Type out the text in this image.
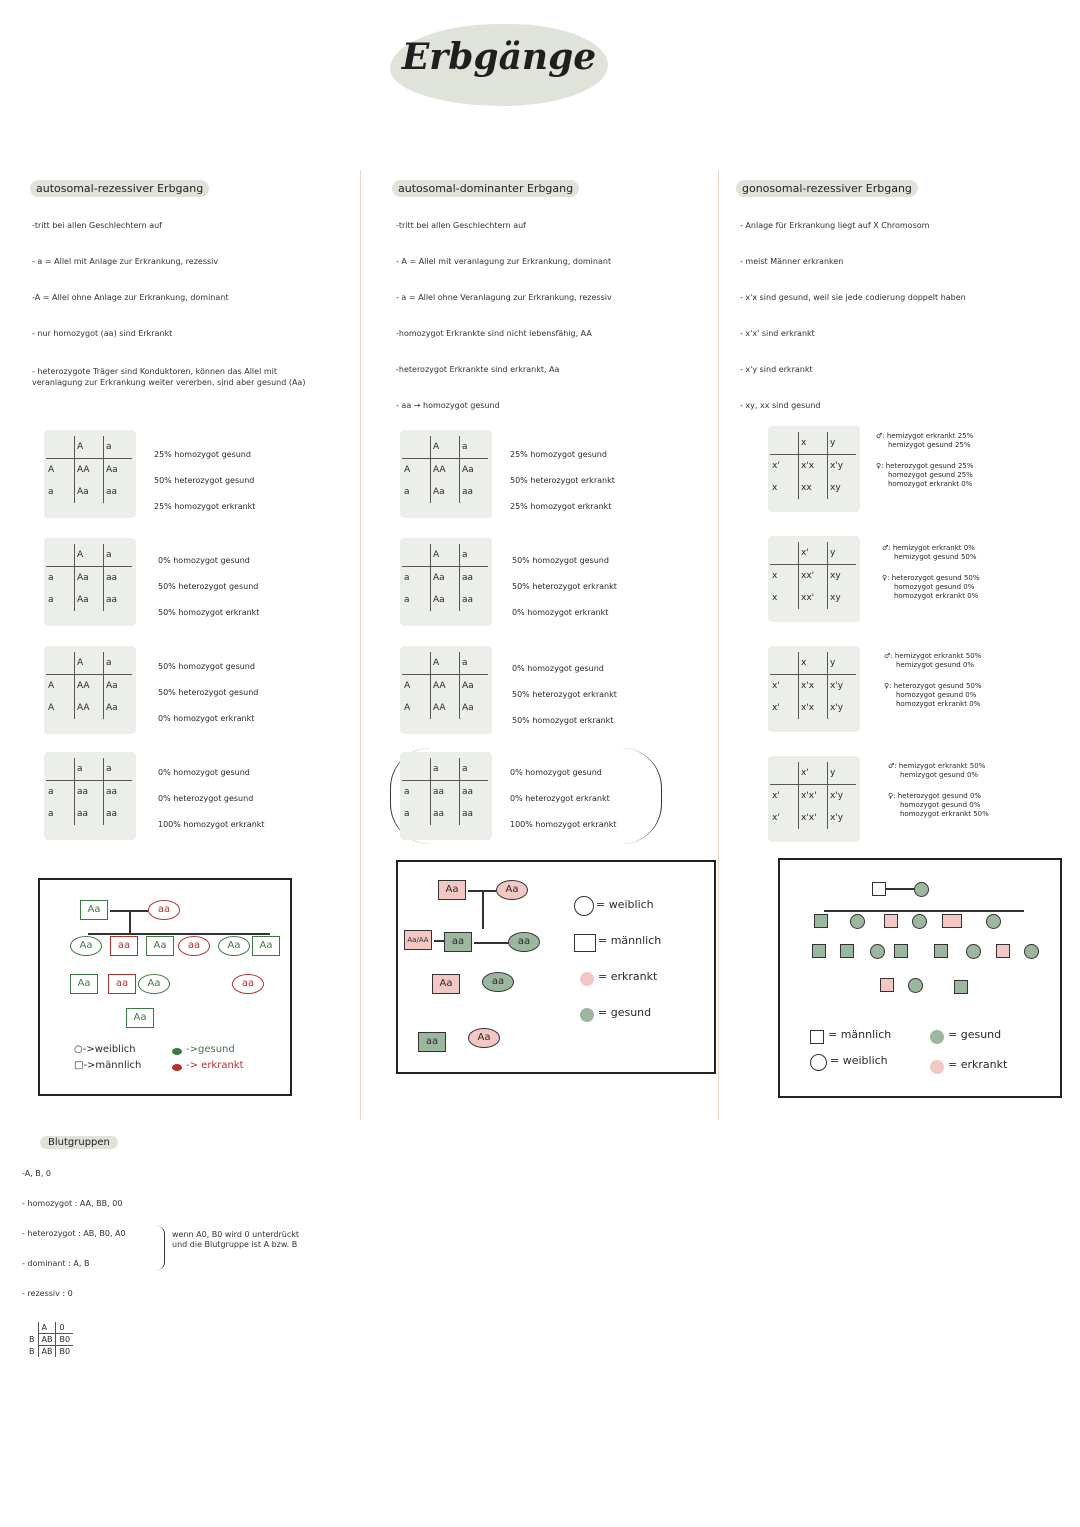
Erbgänge
autosomal-rezessiver Erbgang
-tritt bei allen Geschlechtern auf
- a = Allel mit Anlage zur Erkrankung, rezessiv
-A = Allel ohne Anlage zur Erkrankung, dominant
- nur homozygot (aa) sind Erkrankt
- heterozygote Träger sind Konduktoren, können das Allel mit veranlagung zur Erkrankung weiter vererben, sind aber gesund (Aa)
	A	a
A	AA	Aa
a	Aa	aa
25% homozygot gesund
50% heterozygot gesund
25% homozygot erkrankt
	A	a
a	Aa	aa
a	Aa	aa
0% homozygot gesund
50% heterozygot gesund
50% homozygot erkrankt
	A	a
A	AA	Aa
A	AA	Aa
50% homozygot gesund
50% heterozygot gesund
0% homozygot erkrankt
	a	a
a	aa	aa
a	aa	aa
0% homozygot gesund
0% heterozygot gesund
100% homozygot erkrankt
Aa	aa
Aa	aa	Aa	aa	Aa	Aa
Aa	aa	Aa	aa
Aa
○->weiblich
□->männlich
->gesund
-> erkrankt
autosomal-dominanter Erbgang
-tritt bei allen Geschlechtern auf
- A = Allel mit veranlagung zur Erkrankung, dominant
- a = Allel ohne Veranlagung zur Erkrankung, rezessiv
-homozygot Erkrankte sind nicht lebensfähig, AA
-heterozygot Erkrankte sind erkrankt, Aa
- aa → homozygot gesund
	A	a
A	AA	Aa
a	Aa	aa
25% homozygot gesund
50% heterozygot erkrankt
25% homozygot erkrankt
	A	a
a	Aa	aa
a	Aa	aa
50% homozygot gesund
50% heterozygot erkrankt
0% homozygot erkrankt
	A	a
A	AA	Aa
A	AA	Aa
0% homozygot gesund
50% heterozygot erkrankt
50% homozygot erkrankt
	a	a
a	aa	aa
a	aa	aa
0% homozygot gesund
0% heterozygot erkrankt
100% homozygot erkrankt
Aa	Aa
Aa/AA	aa	aa
Aa	aa
aa	Aa
= weiblich
= männlich
= erkrankt
= gesund
gonosomal-rezessiver Erbgang
- Anlage für Erkrankung liegt auf X Chromosom
- meist Männer erkranken
- x'x sind gesund, weil sie jede codierung doppelt haben
- x'x' sind erkrankt
- x'y sind erkrankt
- xy, xx sind gesund
	x	y
x'	x'x	x'y
x	xx	xy
♂: hemizygot erkrankt 25%
hemizygot gesund 25%
♀: heterozygot gesund 25%
homozygot gesund 25%
homozygot erkrankt 0%
	x'	y
x	xx'	xy
x	xx'	xy
♂: hemizygot erkrankt 0%
hemizygot gesund 50%
♀: heterozygot gesund 50%
homozygot gesund 0%
homozygot erkrankt 0%
	x	y
x'	x'x	x'y
x'	x'x	x'y
♂: hemizygot erkrankt 50%
hemizygot gesund 0%
♀: heterozygot gesund 50%
homozygot gesund 0%
homozygot erkrankt 0%
	x'	y
x'	x'x'	x'y
x'	x'x'	x'y
♂: hemizygot erkrankt 50%
hemizygot gesund 0%
♀: heterozygot gesund 0%
homozygot gesund 0%
homozygot erkrankt 50%
= männlich
= weiblich
= gesund
= erkrankt
Blutgruppen
-A, B, 0
- homozygot : AA, BB, 00
- heterozygot : AB, B0, A0
- dominant : A, B
- rezessiv : 0
wenn A0, B0 wird 0 unterdrückt und die Blutgruppe ist A bzw. B
	A	0
B	AB	B0
B	AB	B0
